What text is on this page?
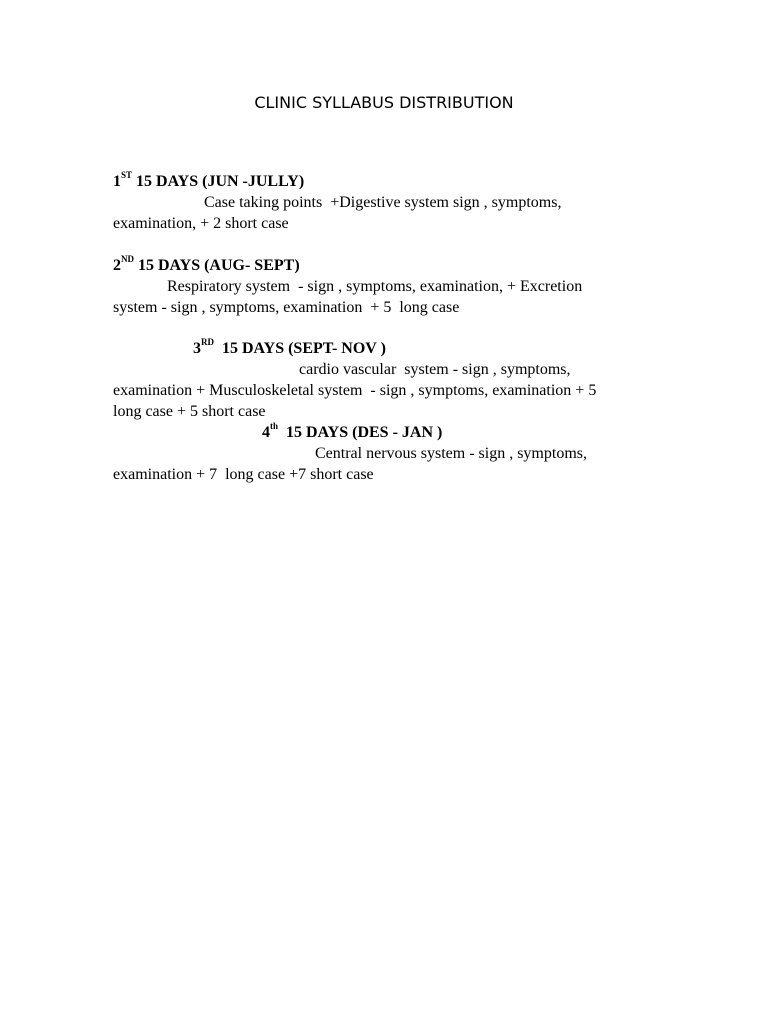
CLINIC SYLLABUS DISTRIBUTION
1ST 15 DAYS (JUN -JULLY)
Case taking points  +Digestive system sign , symptoms,
examination, + 2 short case
2ND 15 DAYS (AUG- SEPT)
Respiratory system  - sign , symptoms, examination, + Excretion
system - sign , symptoms, examination  + 5  long case
3RD  15 DAYS (SEPT- NOV )
cardio vascular  system - sign , symptoms,
examination + Musculoskeletal system  - sign , symptoms, examination + 5
long case + 5 short case
4th  15 DAYS (DES - JAN )
Central nervous system - sign , symptoms,
examination + 7  long case +7 short case
